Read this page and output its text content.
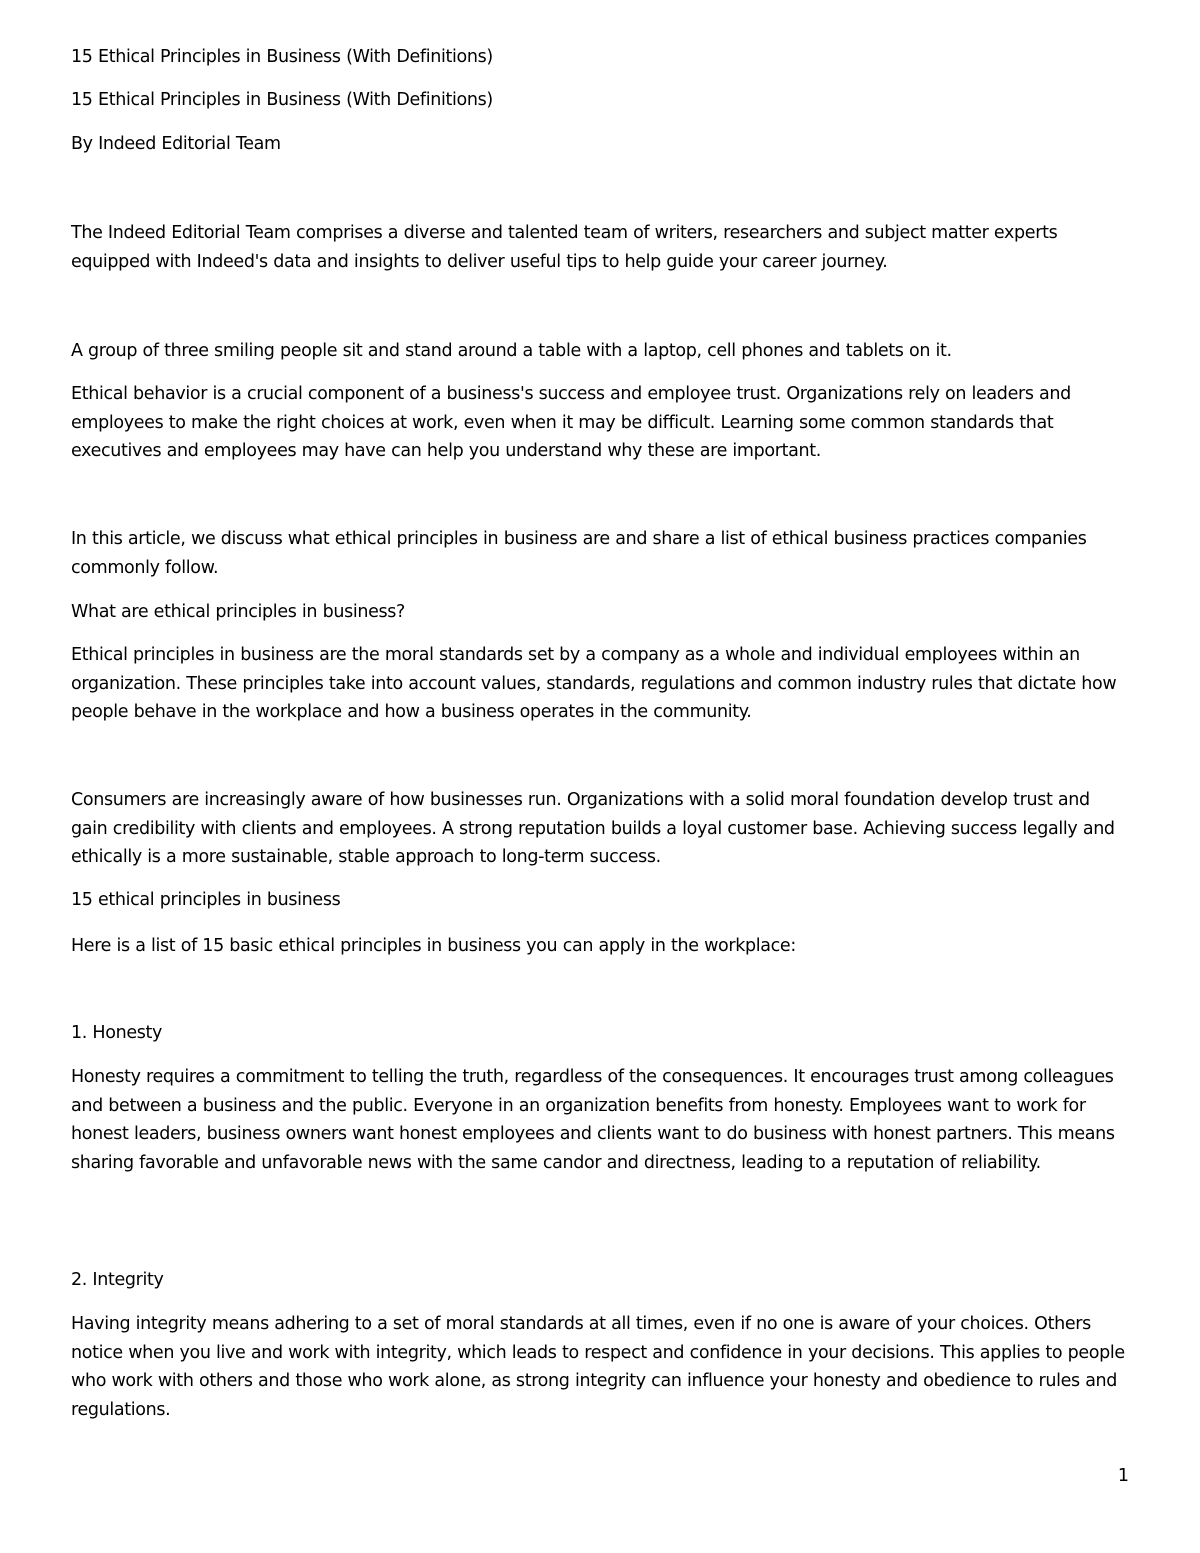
15 Ethical Principles in Business (With Definitions)

15 Ethical Principles in Business (With Definitions)

By Indeed Editorial Team

The Indeed Editorial Team comprises a diverse and talented team of writers, researchers and subject matter experts equipped with Indeed's data and insights to deliver useful tips to help guide your career journey.

A group of three smiling people sit and stand around a table with a laptop, cell phones and tablets on it.

Ethical behavior is a crucial component of a business's success and employee trust. Organizations rely on leaders and employees to make the right choices at work, even when it may be difficult. Learning some common standards that executives and employees may have can help you understand why these are important.

In this article, we discuss what ethical principles in business are and share a list of ethical business practices companies commonly follow.

What are ethical principles in business?

Ethical principles in business are the moral standards set by a company as a whole and individual employees within an organization. These principles take into account values, standards, regulations and common industry rules that dictate how people behave in the workplace and how a business operates in the community.

Consumers are increasingly aware of how businesses run. Organizations with a solid moral foundation develop trust and gain credibility with clients and employees. A strong reputation builds a loyal customer base. Achieving success legally and ethically is a more sustainable, stable approach to long-term success.

15 ethical principles in business

Here is a list of 15 basic ethical principles in business you can apply in the workplace:

1. Honesty

Honesty requires a commitment to telling the truth, regardless of the consequences. It encourages trust among colleagues and between a business and the public. Everyone in an organization benefits from honesty. Employees want to work for honest leaders, business owners want honest employees and clients want to do business with honest partners. This means sharing favorable and unfavorable news with the same candor and directness, leading to a reputation of reliability.

2. Integrity

Having integrity means adhering to a set of moral standards at all times, even if no one is aware of your choices. Others notice when you live and work with integrity, which leads to respect and confidence in your decisions. This applies to people who work with others and those who work alone, as strong integrity can influence your honesty and obedience to rules and regulations.

1
